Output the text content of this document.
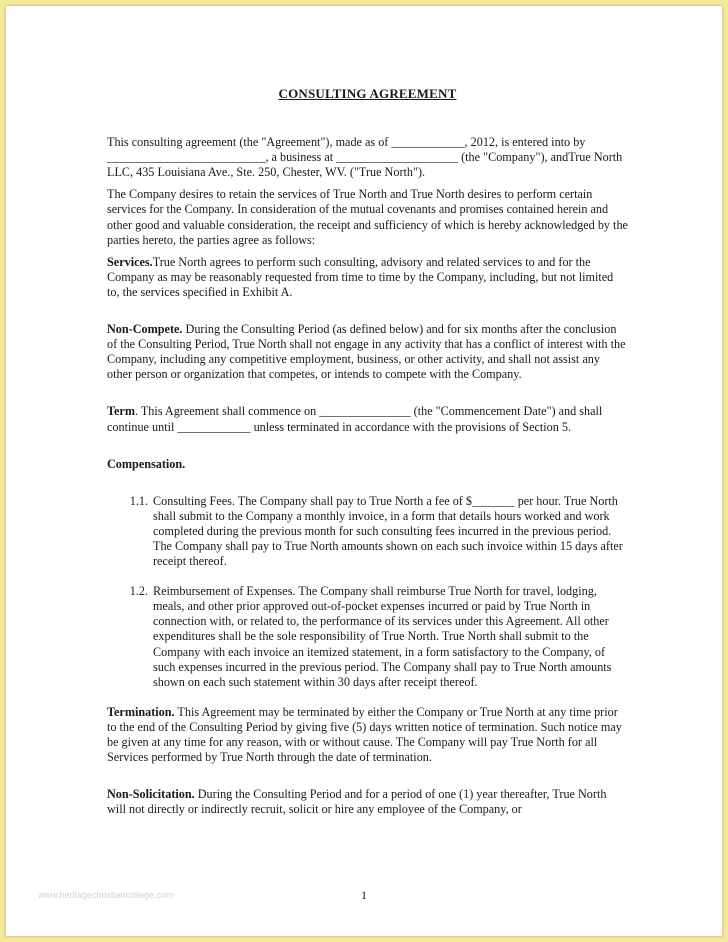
CONSULTING AGREEMENT

This consulting agreement (the "Agreement"), made as of ____________, 2012, is entered into by __________________________, a business at ____________________ (the "Company"), andTrue North LLC, 435 Louisiana Ave., Ste. 250, Chester, WV. ("True North").

The Company desires to retain the services of True North and True North desires to perform certain services for the Company. In consideration of the mutual covenants and promises contained herein and other good and valuable consideration, the receipt and sufficiency of which is hereby acknowledged by the parties hereto, the parties agree as follows:

Services.True North agrees to perform such consulting, advisory and related services to and for the Company as may be reasonably requested from time to time by the Company, including, but not limited to, the services specified in Exhibit A.

Non-Compete. During the Consulting Period (as defined below) and for six months after the conclusion of the Consulting Period, True North shall not engage in any activity that has a conflict of interest with the Company, including any competitive employment, business, or other activity, and shall not assist any other person or organization that competes, or intends to compete with the Company.

Term. This Agreement shall commence on _______________ (the "Commencement Date") and shall continue until ____________ unless terminated in accordance with the provisions of Section 5.

Compensation.

1.1. Consulting Fees. The Company shall pay to True North a fee of $_______ per hour. True North shall submit to the Company a monthly invoice, in a form that details hours worked and work completed during the previous month for such consulting fees incurred in the previous period. The Company shall pay to True North amounts shown on each such invoice within 15 days after receipt thereof.
1.2. Reimbursement of Expenses. The Company shall reimburse True North for travel, lodging, meals, and other prior approved out-of-pocket expenses incurred or paid by True North in connection with, or related to, the performance of its services under this Agreement. All other expenditures shall be the sole responsibility of True North. True North shall submit to the Company with each invoice an itemized statement, in a form satisfactory to the Company, of such expenses incurred in the previous period. The Company shall pay to True North amounts shown on each such statement within 30 days after receipt thereof.

Termination. This Agreement may be terminated by either the Company or True North at any time prior to the end of the Consulting Period by giving five (5) days written notice of termination. Such notice may be given at any time for any reason, with or without cause. The Company will pay True North for all Services performed by True North through the date of termination.

Non-Solicitation. During the Consulting Period and for a period of one (1) year thereafter, True North will not directly or indirectly recruit, solicit or hire any employee of the Company, or

www.heritagechristiancollege.com	1
